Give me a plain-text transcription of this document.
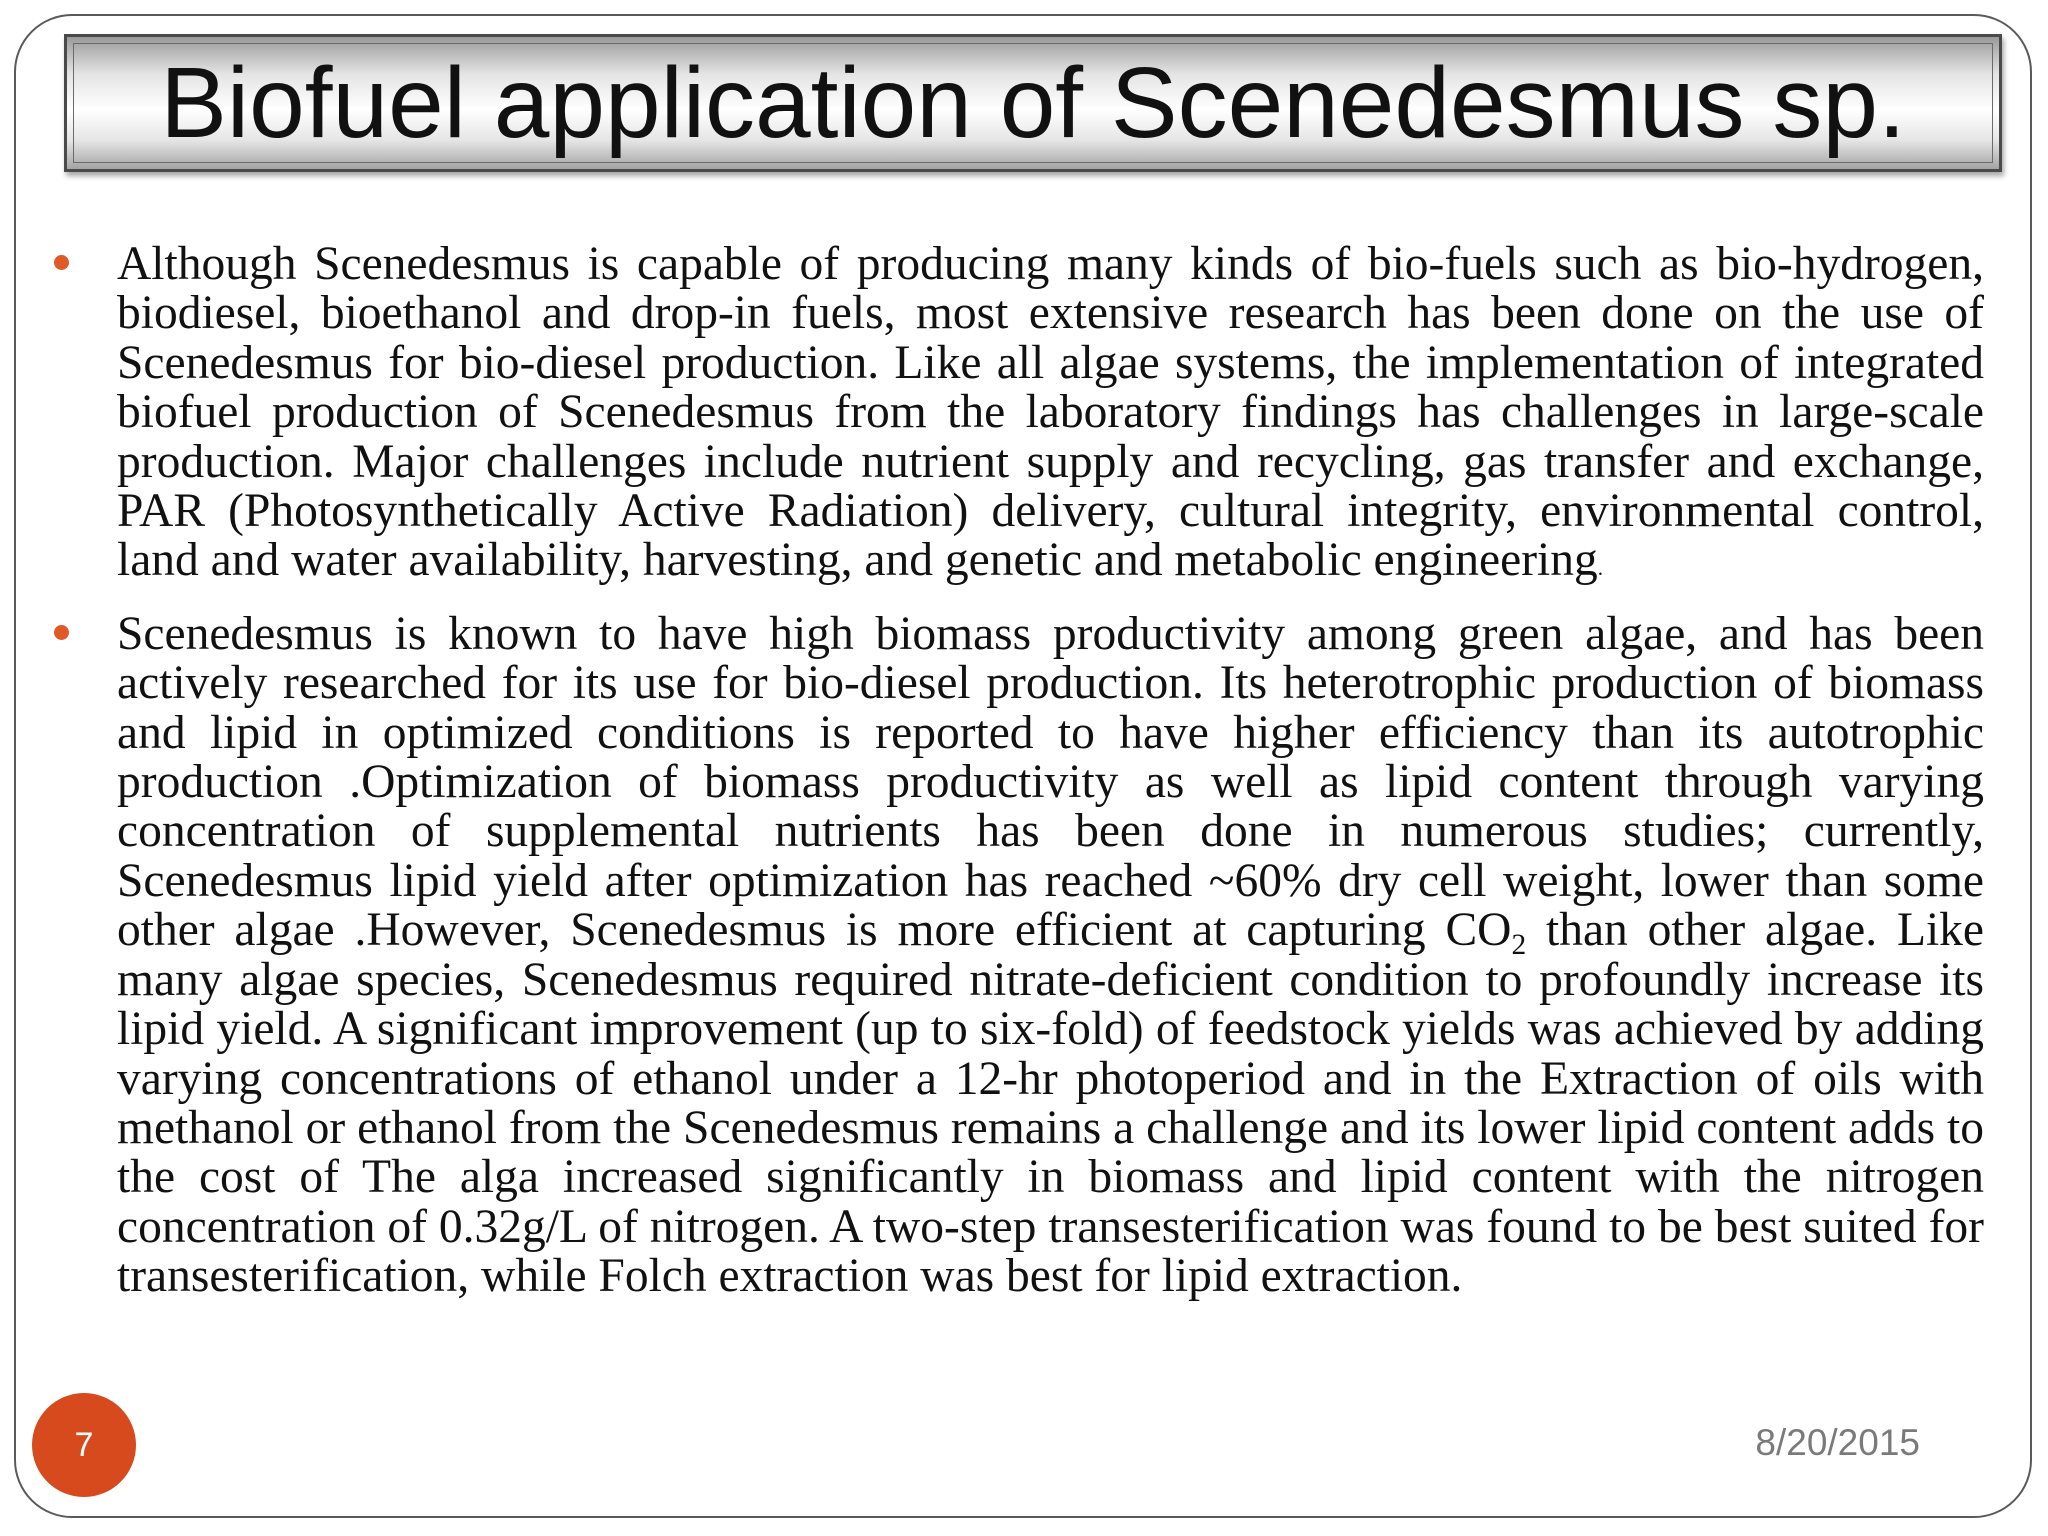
Biofuel application of Scenedesmus sp.
Although Scenedesmus is capable of producing many kinds of bio-fuels such as bio-hydrogen, biodiesel, bioethanol and drop-in fuels, most extensive research has been done on the use of Scenedesmus for bio-diesel production. Like all algae systems, the implementation of integrated biofuel production of Scenedesmus from the laboratory findings has challenges in large-scale production. Major challenges include nutrient supply and recycling, gas transfer and exchange, PAR (Photosynthetically Active Radiation) delivery, cultural integrity, environmental control, land and water availability, harvesting, and genetic and metabolic engineering.
Scenedesmus is known to have high biomass productivity among green algae, and has been actively researched for its use for bio-diesel production. Its heterotrophic production of biomass and lipid in optimized conditions is reported to have higher efficiency than its autotrophic production .Optimization of biomass productivity as well as lipid content through varying concentration of supplemental nutrients has been done in numerous studies; currently, Scenedesmus lipid yield after optimization has reached ~60% dry cell weight, lower than some other algae .However, Scenedesmus is more efficient at capturing $CO_2$ than other algae. Like many algae species, Scenedesmus required nitrate-deficient condition to profoundly increase its lipid yield. A significant improvement (up to six-fold) of feedstock yields was achieved by adding varying concentrations of ethanol under a 12-hr photoperiod and in the Extraction of oils with methanol or ethanol from the Scenedesmus remains a challenge and its lower lipid content adds to the cost of The alga increased significantly in biomass and lipid content with the nitrogen concentration of 0.32g/L of nitrogen. A two-step transesterification was found to be best suited for transesterification, while Folch extraction was best for lipid extraction.
7	8/20/2015
